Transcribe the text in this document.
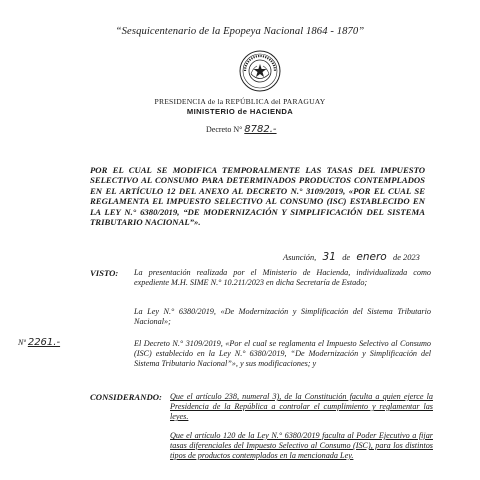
“Sesquicentenario de la Epopeya Nacional 1864 - 1870”
PRESIDENCIA de la REPÚBLICA del PARAGUAY
MINISTERIO de HACIENDA
Decreto N° 8782.-
POR EL CUAL SE MODIFICA TEMPORALMENTE LAS TASAS DEL IMPUESTO SELECTIVO AL CONSUMO PARA DETERMINADOS PRODUCTOS CONTEMPLADOS EN EL ARTÍCULO 12 DEL ANEXO AL DECRETO N.° 3109/2019, «POR EL CUAL SE REGLAMENTA EL IMPUESTO SELECTIVO AL CONSUMO (ISC) ESTABLECIDO EN LA LEY N.° 6380/2019, “DE MODERNIZACIÓN Y SIMPLIFICACIÓN DEL SISTEMA TRIBUTARIO NACIONAL”».
Asunción, 31 de enero de 2023
VISTO: La presentación realizada por el Ministerio de Hacienda, individualizada como expediente M.H. SIME N.° 10.211/2023 en dicha Secretaría de Estado;
La Ley N.° 6380/2019, «De Modernización y Simplificación del Sistema Tributario Nacional»;
El Decreto N.° 3109/2019, «Por el cual se reglamenta el Impuesto Selectivo al Consumo (ISC) establecido en la Ley N.° 6380/2019, “De Modernización y Simplificación del Sistema Tributario Nacional”», y sus modificaciones; y
Nº 2261.-
CONSIDERANDO: Que el artículo 238, numeral 3), de la Constitución faculta a quien ejerce la Presidencia de la República a controlar el cumplimiento y reglamentar las leyes.
Que el artículo 120 de la Ley N.° 6380/2019 faculta al Poder Ejecutivo a fijar tasas diferenciales del Impuesto Selectivo al Consumo (ISC), para los distintos tipos de productos contemplados en la mencionada Ley.
